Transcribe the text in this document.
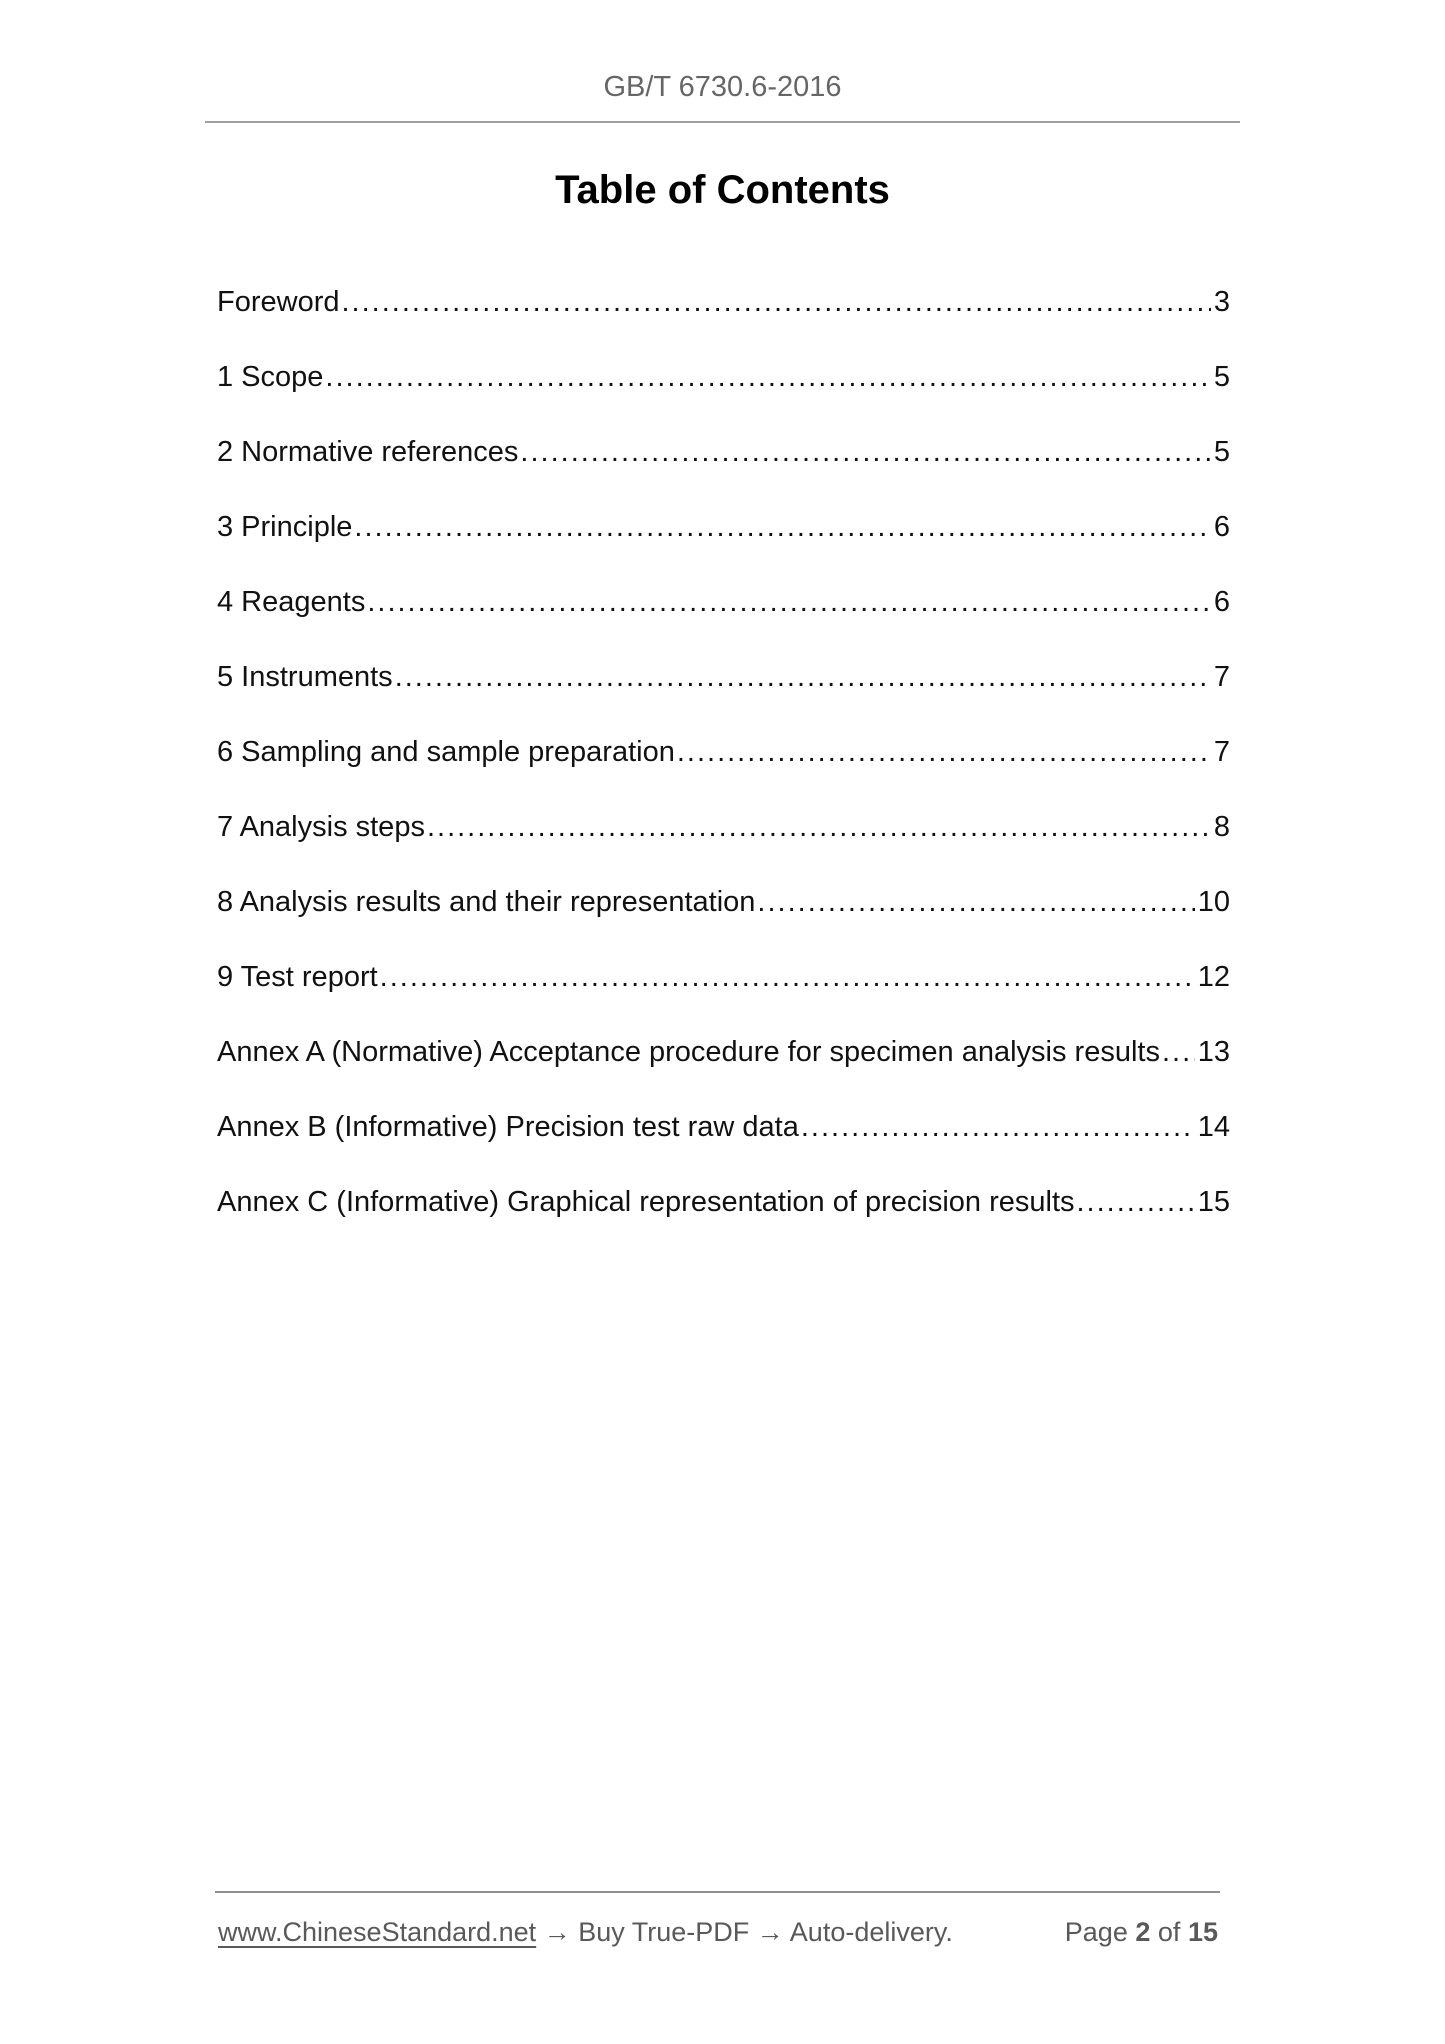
GB/T 6730.6-2016
Table of Contents
Foreword .....	3
1 Scope .....	5
2 Normative references .....	5
3 Principle .....	6
4 Reagents .....	6
5 Instruments .....	7
6 Sampling and sample preparation .....	7
7 Analysis steps .....	8
8 Analysis results and their representation .....	10
9 Test report .....	12
Annex A (Normative) Acceptance procedure for specimen analysis results ..... 13
Annex B (Informative) Precision test raw data .....	14
Annex C (Informative) Graphical representation of precision results .....	15
www.ChineseStandard.net → Buy True-PDF → Auto-delivery.	Page 2 of 15
